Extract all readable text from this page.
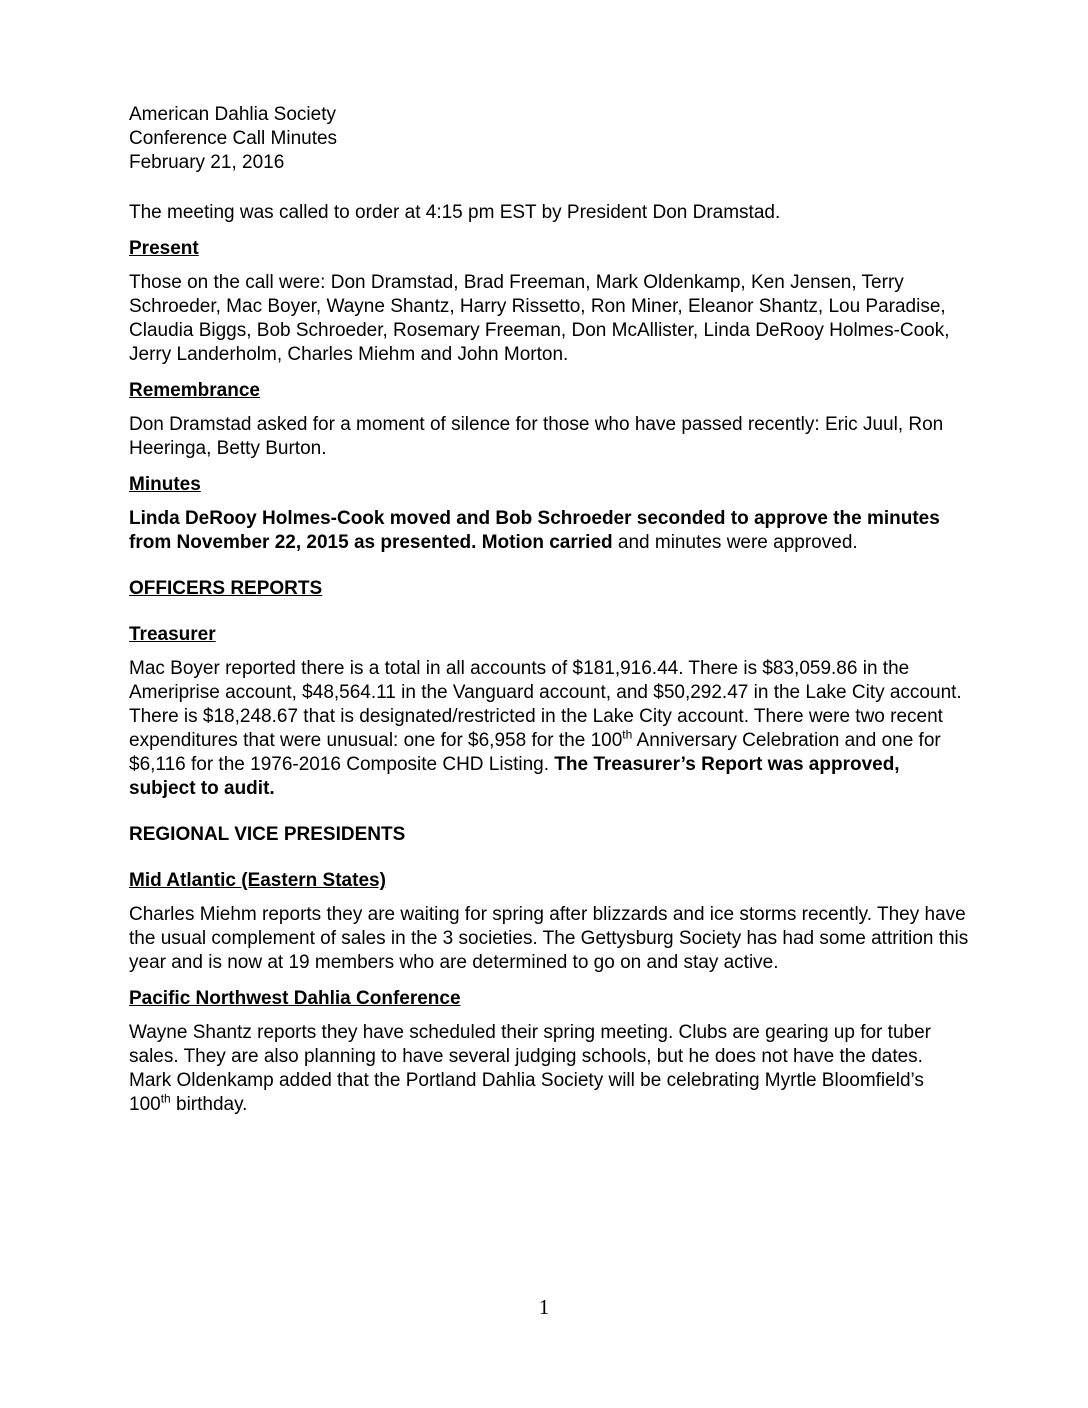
American Dahlia Society
Conference Call Minutes
February 21, 2016

The meeting was called to order at 4:15 pm EST by President Don Dramstad.

Present

Those on the call were: Don Dramstad, Brad Freeman, Mark Oldenkamp, Ken Jensen, Terry Schroeder, Mac Boyer, Wayne Shantz, Harry Rissetto, Ron Miner, Eleanor Shantz, Lou Paradise, Claudia Biggs, Bob Schroeder, Rosemary Freeman, Don McAllister, Linda DeRooy Holmes-Cook, Jerry Landerholm, Charles Miehm and John Morton.

Remembrance

Don Dramstad asked for a moment of silence for those who have passed recently: Eric Juul, Ron Heeringa, Betty Burton.

Minutes

Linda DeRooy Holmes-Cook moved and Bob Schroeder seconded to approve the minutes from November 22, 2015 as presented. Motion carried and minutes were approved.

OFFICERS REPORTS
Treasurer

Mac Boyer reported there is a total in all accounts of $181,916.44. There is $83,059.86 in the Ameriprise account, $48,564.11 in the Vanguard account, and $50,292.47 in the Lake City account. There is $18,248.67 that is designated/restricted in the Lake City account. There were two recent expenditures that were unusual: one for $6,958 for the 100th Anniversary Celebration and one for $6,116 for the 1976-2016 Composite CHD Listing. The Treasurer’s Report was approved, subject to audit.

REGIONAL VICE PRESIDENTS
Mid Atlantic (Eastern States)

Charles Miehm reports they are waiting for spring after blizzards and ice storms recently. They have the usual complement of sales in the 3 societies. The Gettysburg Society has had some attrition this year and is now at 19 members who are determined to go on and stay active.

Pacific Northwest Dahlia Conference

Wayne Shantz reports they have scheduled their spring meeting. Clubs are gearing up for tuber sales. They are also planning to have several judging schools, but he does not have the dates. Mark Oldenkamp added that the Portland Dahlia Society will be celebrating Myrtle Bloomfield’s 100th birthday.

1
